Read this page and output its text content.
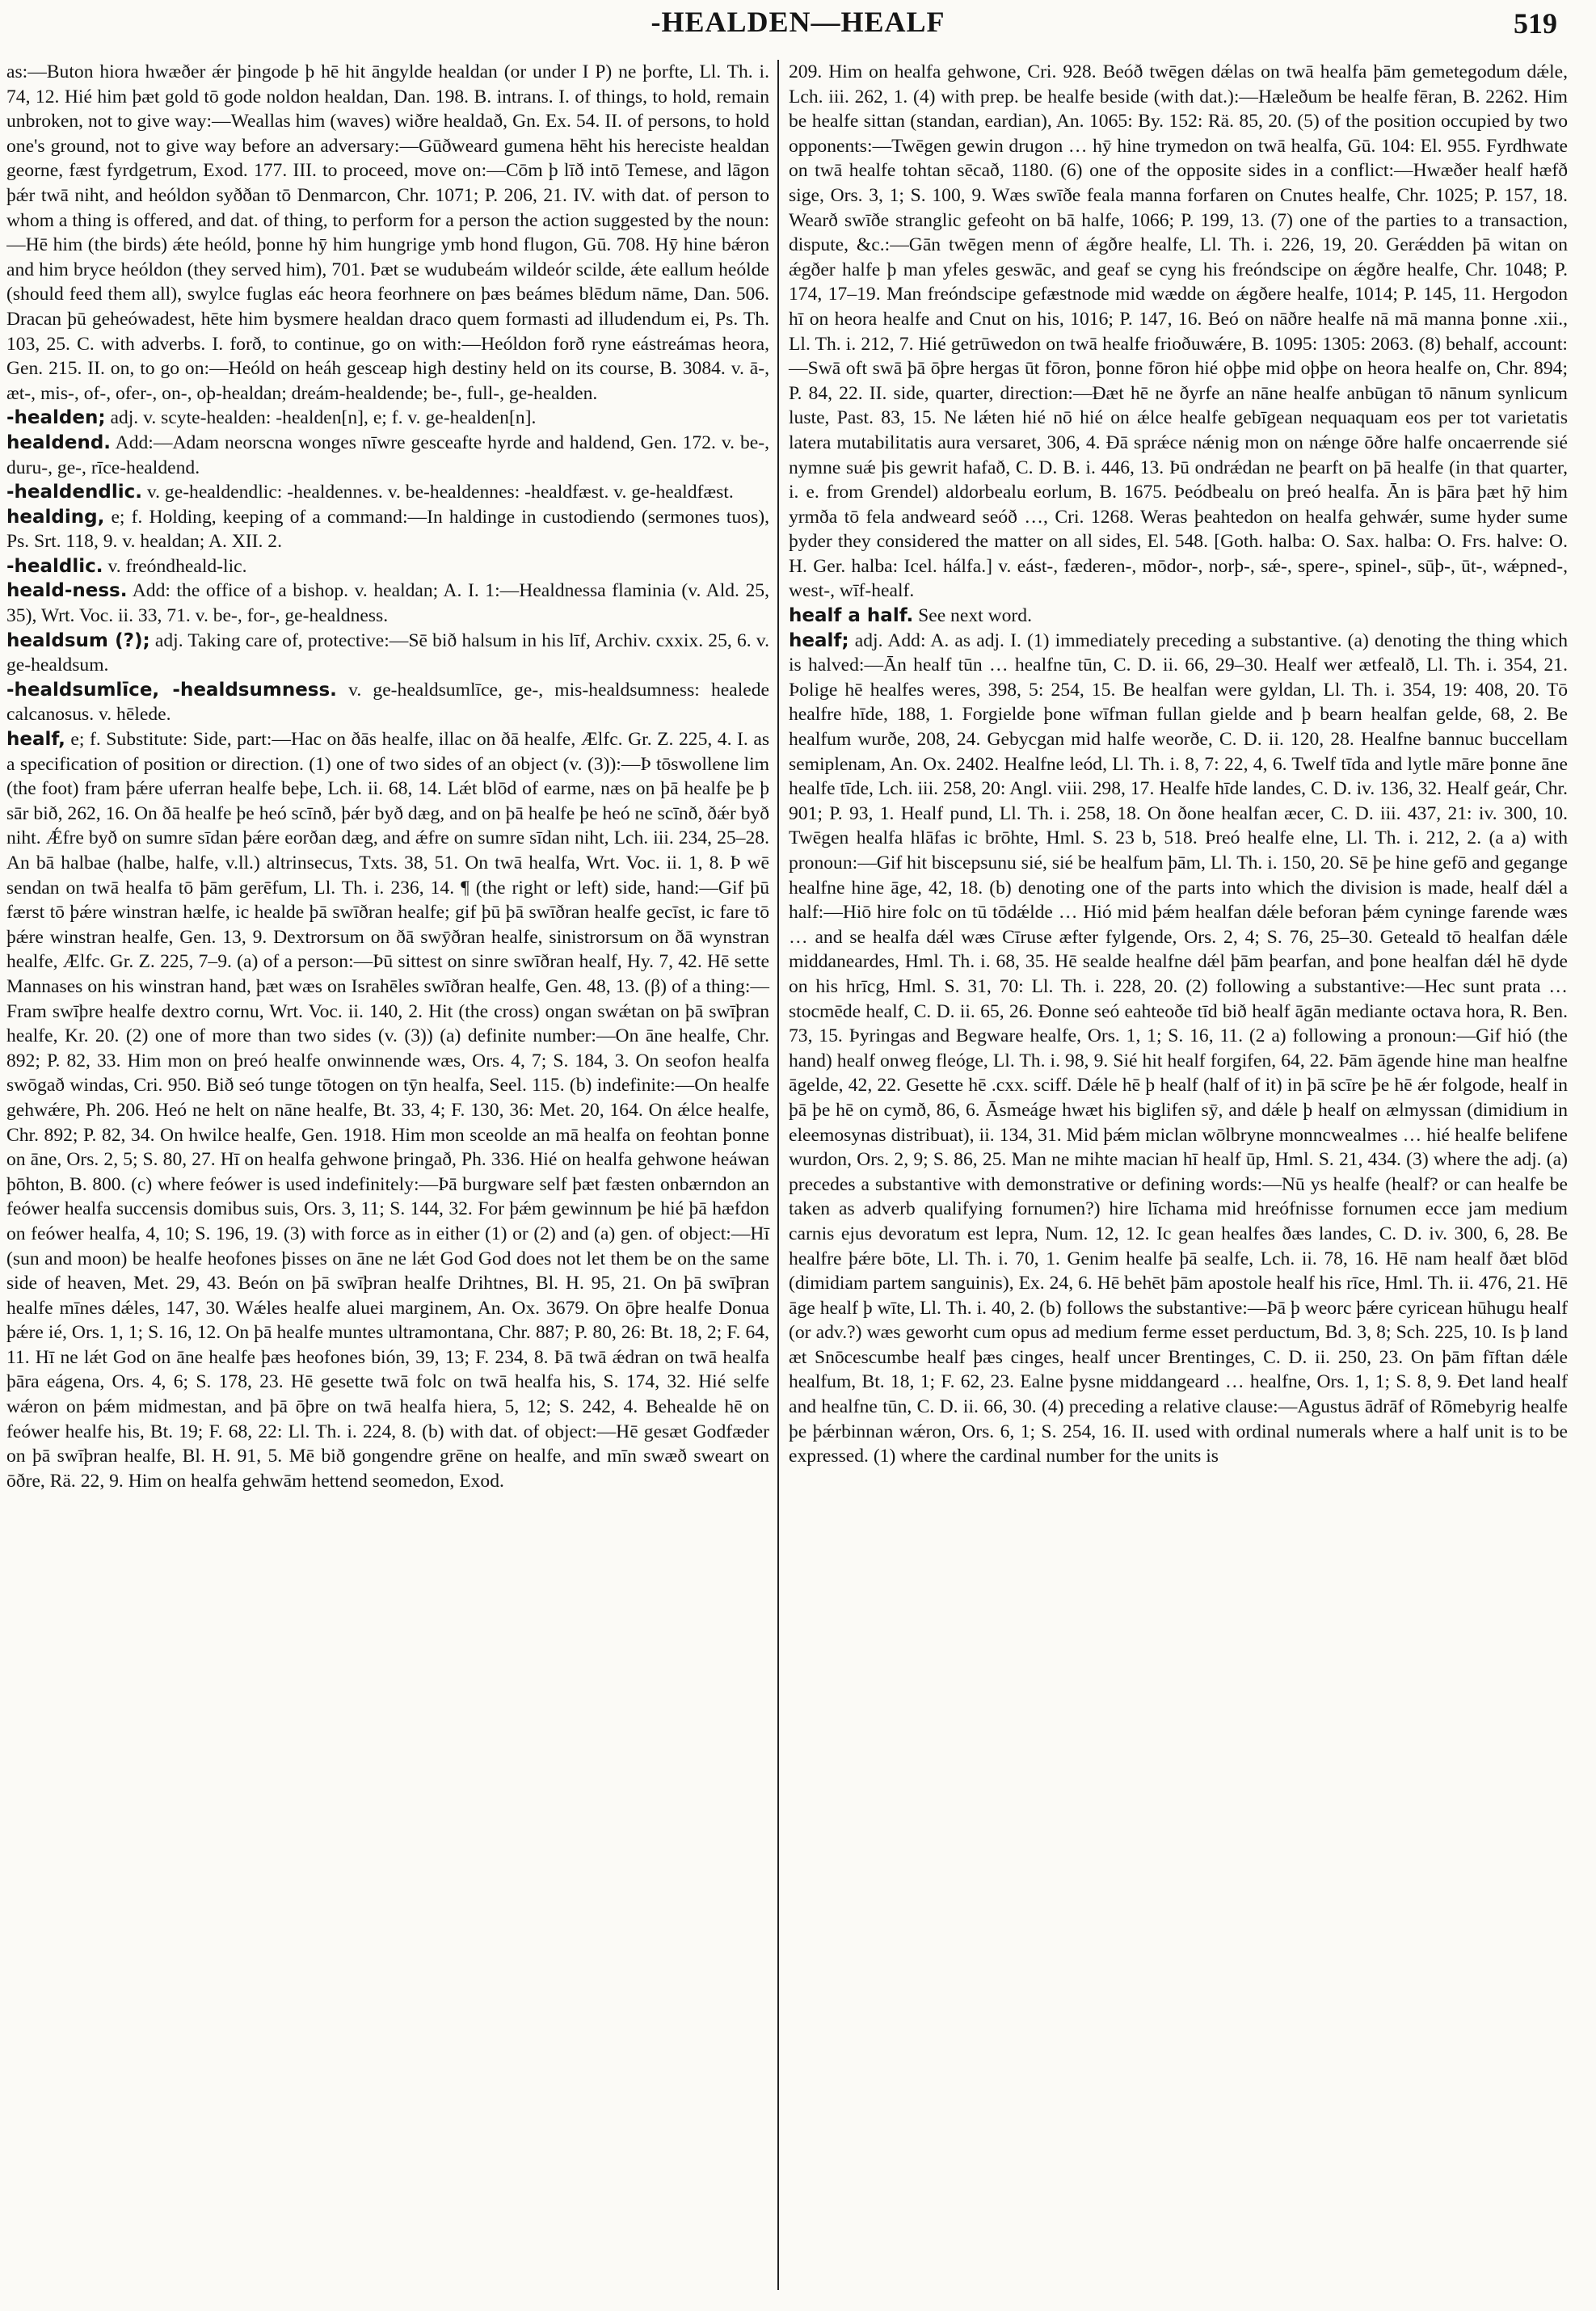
-HEALDEN—HEALF	519

as:—Buton hiora hwæðer ǽr þingode þ hē hit āngylde healdan (or under I P) ne þorfte, Ll. Th. i. 74, 12. Hié him þæt gold tō gode noldon healdan, Dan. 198. B. intrans. I. of things, to hold, remain unbroken, not to give way:—Weallas him (waves) wiðre healdað, Gn. Ex. 54. II. of persons, to hold one's ground, not to give way before an adversary:—Gūðweard gumena hēht his hereciste healdan georne, fæst fyrdgetrum, Exod. 177. III. to proceed, move on:—Cōm þ līð intō Temese, and lāgon þǽr twā niht, and heóldon syððan tō Denmarcon, Chr. 1071; P. 206, 21. IV. with dat. of person to whom a thing is offered, and dat. of thing, to perform for a person the action suggested by the noun:—Hē him (the birds) ǽte heóld, þonne hȳ him hungrige ymb hond flugon, Gū. 708. Hȳ hine bǽron and him bryce heóldon (they served him), 701. Þæt se wudubeám wildeór scilde, ǽte eallum heólde (should feed them all), swylce fuglas eác heora feorhnere on þæs beámes blēdum nāme, Dan. 506. Dracan þū geheówadest, hēte him bysmere healdan draco quem formasti ad illudendum ei, Ps. Th. 103, 25. C. with adverbs. I. forð, to continue, go on with:—Heóldon forð ryne eástreámas heora, Gen. 215. II. on, to go on:—Heóld on heáh gesceap high destiny held on its course, B. 3084. v. ā-, æt-, mis-, of-, ofer-, on-, oþ-healdan; dreám-healdende; be-, full-, ge-healden.

-healden; adj. v. scyte-healden: -healden[n], e; f. v. ge-healden[n].

healdend. Add:—Adam neorscna wonges nīwre gesceafte hyrde and haldend, Gen. 172. v. be-, duru-, ge-, rīce-healdend.

-healdendlic. v. ge-healdendlic: -healdennes. v. be-healdennes: -healdfæst. v. ge-healdfæst.

healding, e; f. Holding, keeping of a command:—In haldinge in custodiendo (sermones tuos), Ps. Srt. 118, 9. v. healdan; A. XII. 2.

-healdlic. v. freóndheald-lic.

heald-ness. Add: the office of a bishop. v. healdan; A. I. 1:—Healdnessa flaminia (v. Ald. 25, 35), Wrt. Voc. ii. 33, 71. v. be-, for-, ge-healdness.

healdsum (?); adj. Taking care of, protective:—Sē bið halsum in his līf, Archiv. cxxix. 25, 6. v. ge-healdsum.

-healdsumlīce, -healdsumness. v. ge-healdsumlīce, ge-, mis-healdsumness: healede calcanosus. v. hēlede.

healf, e; f. Substitute: Side, part:—Hac on ðās healfe, illac on ðā healfe, Ælfc. Gr. Z. 225, 4. I. as a specification of position or direction. (1) one of two sides of an object (v. (3)):—Þ tōswollene lim (the foot) fram þǽre uferran healfe beþe, Lch. ii. 68, 14. Lǽt blōd of earme, næs on þā healfe þe þ sār bið, 262, 16. On ðā healfe þe heó scīnð, þǽr byð dæg, and on þā healfe þe heó ne scīnð, ðǽr byð niht. Ǽfre byð on sumre sīdan þǽre eorðan dæg, and ǽfre on sumre sīdan niht, Lch. iii. 234, 25–28. An bā halbae (halbe, halfe, v.ll.) altrinsecus, Txts. 38, 51. On twā healfa, Wrt. Voc. ii. 1, 8. Þ wē sendan on twā healfa tō þām gerēfum, Ll. Th. i. 236, 14. ¶ (the right or left) side, hand:—Gif þū færst tō þǽre winstran hælfe, ic healde þā swīðran healfe; gif þū þā swīðran healfe gecīst, ic fare tō þǽre winstran healfe, Gen. 13, 9. Dextrorsum on ðā swȳðran healfe, sinistrorsum on ðā wynstran healfe, Ælfc. Gr. Z. 225, 7–9. (a) of a person:—Þū sittest on sinre swīðran healf, Hy. 7, 42. Hē sette Mannases on his winstran hand, þæt wæs on Israhēles swīðran healfe, Gen. 48, 13. (β) of a thing:—Fram swīþre healfe dextro cornu, Wrt. Voc. ii. 140, 2. Hit (the cross) ongan swǽtan on þā swīþran healfe, Kr. 20. (2) one of more than two sides (v. (3)) (a) definite number:—On āne healfe, Chr. 892; P. 82, 33. Him mon on þreó healfe onwinnende wæs, Ors. 4, 7; S. 184, 3. On seofon healfa swōgað windas, Cri. 950. Bið seó tunge tōtogen on tȳn healfa, Seel. 115. (b) indefinite:—On healfe gehwǽre, Ph. 206. Heó ne helt on nāne healfe, Bt. 33, 4; F. 130, 36: Met. 20, 164. On ǽlce healfe, Chr. 892; P. 82, 34. On hwilce healfe, Gen. 1918. Him mon sceolde an mā healfa on feohtan þonne on āne, Ors. 2, 5; S. 80, 27. Hī on healfa gehwone þringað, Ph. 336. Hié on healfa gehwone heáwan þōhton, B. 800. (c) where feówer is used indefinitely:—Þā burgware self þæt fæsten onbærndon an feówer healfa succensis domibus suis, Ors. 3, 11; S. 144, 32. For þǽm gewinnum þe hié þā hæfdon on feówer healfa, 4, 10; S. 196, 19. (3) with force as in either (1) or (2) and (a) gen. of object:—Hī (sun and moon) be healfe heofones þisses on āne ne lǽt God God does not let them be on the same side of heaven, Met. 29, 43. Beón on þā swīþran healfe Drihtnes, Bl. H. 95, 21. On þā swīþran healfe mīnes dǽles, 147, 30. Wǽles healfe aluei marginem, An. Ox. 3679. On ōþre healfe Donua þǽre ié, Ors. 1, 1; S. 16, 12. On þā healfe muntes ultramontana, Chr. 887; P. 80, 26: Bt. 18, 2; F. 64, 11. Hī ne lǽt God on āne healfe þæs heofones bión, 39, 13; F. 234, 8. Þā twā ǽdran on twā healfa þāra eágena, Ors. 4, 6; S. 178, 23. Hē gesette twā folc on twā healfa his, S. 174, 32. Hié selfe wǽron on þǽm midmestan, and þā ōþre on twā healfa hiera, 5, 12; S. 242, 4. Behealde hē on feówer healfe his, Bt. 19; F. 68, 22: Ll. Th. i. 224, 8. (b) with dat. of object:—Hē gesæt Godfæder on þā swīþran healfe, Bl. H. 91, 5. Mē bið gongendre grēne on healfe, and mīn swæð sweart on ōðre, Rä. 22, 9. Him on healfa gehwām hettend seomedon, Exod.

209. Him on healfa gehwone, Cri. 928. Beóð twēgen dǽlas on twā healfa þām gemetegodum dǽle, Lch. iii. 262, 1. (4) with prep. be healfe beside (with dat.):—Hæleðum be healfe fēran, B. 2262. Him be healfe sittan (standan, eardian), An. 1065: By. 152: Rä. 85, 20. (5) of the position occupied by two opponents:—Twēgen gewin drugon … hȳ hine trymedon on twā healfa, Gū. 104: El. 955. Fyrdhwate on twā healfe tohtan sēcað, 1180. (6) one of the opposite sides in a conflict:—Hwæðer healf hæfð sige, Ors. 3, 1; S. 100, 9. Wæs swīðe feala manna forfaren on Cnutes healfe, Chr. 1025; P. 157, 18. Wearð swīðe stranglic gefeoht on bā halfe, 1066; P. 199, 13. (7) one of the parties to a transaction, dispute, &c.:—Gān twēgen menn of ǽgðre healfe, Ll. Th. i. 226, 19, 20. Gerǽdden þā witan on ǽgðer halfe þ man yfeles geswāc, and geaf se cyng his freóndscipe on ǽgðre healfe, Chr. 1048; P. 174, 17–19. Man freóndscipe gefæstnode mid wædde on ǽgðere healfe, 1014; P. 145, 11. Hergodon hī on heora healfe and Cnut on his, 1016; P. 147, 16. Beó on nāðre healfe nā mā manna þonne .xii., Ll. Th. i. 212, 7. Hié getrūwedon on twā healfe frioðuwǽre, B. 1095: 1305: 2063. (8) behalf, account:—Swā oft swā þā ōþre hergas ūt fōron, þonne fōron hié oþþe mid oþþe on heora healfe on, Chr. 894; P. 84, 22. II. side, quarter, direction:—Ðæt hē ne ðyrfe an nāne healfe anbūgan tō nānum synlicum luste, Past. 83, 15. Ne lǽten hié nō hié on ǽlce healfe gebīgean nequaquam eos per tot varietatis latera mutabilitatis aura versaret, 306, 4. Ðā sprǽce nǽnig mon on nǽnge ōðre halfe oncaerrende sié nymne suǽ þis gewrit hafað, C. D. B. i. 446, 13. Þū ondrǽdan ne þearft on þā healfe (in that quarter, i. e. from Grendel) aldorbealu eorlum, B. 1675. Þeódbealu on þreó healfa. Ān is þāra þæt hȳ him yrmða tō fela andweard seóð …, Cri. 1268. Weras þeahtedon on healfa gehwǽr, sume hyder sume þyder they considered the matter on all sides, El. 548. [Goth. halba: O. Sax. halba: O. Frs. halve: O. H. Ger. halba: Icel. hálfa.] v. eást-, fæderen-, mōdor-, norþ-, sǽ-, spere-, spinel-, sūþ-, ūt-, wǽpned-, west-, wīf-healf.

healf a half. See next word.

healf; adj. Add: A. as adj. I. (1) immediately preceding a substantive. (a) denoting the thing which is halved:—Ān healf tūn … healfne tūn, C. D. ii. 66, 29–30. Healf wer ætfealð, Ll. Th. i. 354, 21. Þolige hē healfes weres, 398, 5: 254, 15. Be healfan were gyldan, Ll. Th. i. 354, 19: 408, 20. Tō healfre hīde, 188, 1. Forgielde þone wīfman fullan gielde and þ bearn healfan gelde, 68, 2. Be healfum wurðe, 208, 24. Gebycgan mid halfe weorðe, C. D. ii. 120, 28. Healfne bannuc buccellam semiplenam, An. Ox. 2402. Healfne leód, Ll. Th. i. 8, 7: 22, 4, 6. Twelf tīda and lytle māre þonne āne healfe tīde, Lch. iii. 258, 20: Angl. viii. 298, 17. Healfe hīde landes, C. D. iv. 136, 32. Healf geár, Chr. 901; P. 93, 1. Healf pund, Ll. Th. i. 258, 18. On ðone healfan æcer, C. D. iii. 437, 21: iv. 300, 10. Twēgen healfa hlāfas ic brōhte, Hml. S. 23 b, 518. Þreó healfe elne, Ll. Th. i. 212, 2. (a a) with pronoun:—Gif hit biscepsunu sié, sié be healfum þām, Ll. Th. i. 150, 20. Sē þe hine gefō and gegange healfne hine āge, 42, 18. (b) denoting one of the parts into which the division is made, healf dǽl a half:—Hiō hire folc on tū tōdǽlde … Hió mid þǽm healfan dǽle beforan þǽm cyninge farende wæs … and se healfa dǽl wæs Cīruse æfter fylgende, Ors. 2, 4; S. 76, 25–30. Geteald tō healfan dǽle middaneardes, Hml. Th. i. 68, 35. Hē sealde healfne dǽl þām þearfan, and þone healfan dǽl hē dyde on his hrīcg, Hml. S. 31, 70: Ll. Th. i. 228, 20. (2) following a substantive:—Hec sunt prata … stocmēde healf, C. D. ii. 65, 26. Ðonne seó eahteoðe tīd bið healf āgān mediante octava hora, R. Ben. 73, 15. Þyringas and Begware healfe, Ors. 1, 1; S. 16, 11. (2 a) following a pronoun:—Gif hió (the hand) healf onweg fleóge, Ll. Th. i. 98, 9. Sié hit healf forgifen, 64, 22. Þām āgende hine man healfne āgelde, 42, 22. Gesette hē .cxx. sciff. Dǽle hē þ healf (half of it) in þā scīre þe hē ǽr folgode, healf in þā þe hē on cymð, 86, 6. Āsmeáge hwæt his biglifen sȳ, and dǽle þ healf on ælmyssan (dimidium in eleemosynas distribuat), ii. 134, 31. Mid þǽm miclan wōlbryne monncwealmes … hié healfe belifene wurdon, Ors. 2, 9; S. 86, 25. Man ne mihte macian hī healf ūp, Hml. S. 21, 434. (3) where the adj. (a) precedes a substantive with demonstrative or defining words:—Nū ys healfe (healf? or can healfe be taken as adverb qualifying fornumen?) hire līchama mid hreófnisse fornumen ecce jam medium carnis ejus devoratum est lepra, Num. 12, 12. Ic gean healfes ðæs landes, C. D. iv. 300, 6, 28. Be healfre þǽre bōte, Ll. Th. i. 70, 1. Genim healfe þā sealfe, Lch. ii. 78, 16. Hē nam healf ðæt blōd (dimidiam partem sanguinis), Ex. 24, 6. Hē behēt þām apostole healf his rīce, Hml. Th. ii. 476, 21. Hē āge healf þ wīte, Ll. Th. i. 40, 2. (b) follows the substantive:—Þā þ weorc þǽre cyricean hūhugu healf (or adv.?) wæs geworht cum opus ad medium ferme esset perductum, Bd. 3, 8; Sch. 225, 10. Is þ land æt Snōcescumbe healf þæs cinges, healf uncer Brentinges, C. D. ii. 250, 23. On þām fīftan dǽle healfum, Bt. 18, 1; F. 62, 23. Ealne þysne middangeard … healfne, Ors. 1, 1; S. 8, 9. Ðet land healf and healfne tūn, C. D. ii. 66, 30. (4) preceding a relative clause:—Agustus ādrāf of Rōmebyrig healfe þe þǽrbinnan wǽron, Ors. 6, 1; S. 254, 16. II. used with ordinal numerals where a half unit is to be expressed. (1) where the cardinal number for the units is
